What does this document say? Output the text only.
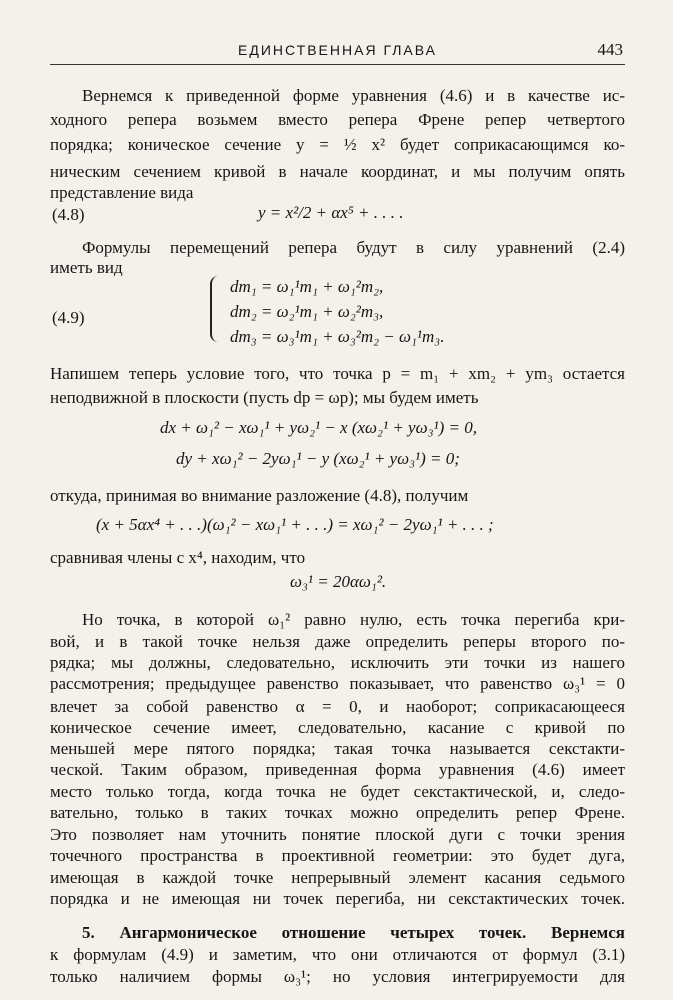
ЕДИНСТВЕННАЯ ГЛАВА	443
Вернемся к приведенной форме уравнения (4.6) и в качестве ис-
ходного репера возьмем вместо репера Френе репер четвертого
порядка; коническое сечение y = ½ x² будет соприкасающимся ко-
ническим сечением кривой в начале координат, и мы получим опять
представление вида
(4.8)	y = x²/2 + αx⁵ + . . . .
Формулы перемещений репера будут в силу уравнений (2.4)
иметь вид
(4.9)
dm₁ = ω₁¹m₁ + ω₁²m₂,
dm₂ = ω₂¹m₁ + ω₂²m₃,
dm₃ = ω₃¹m₁ + ω₃²m₂ − ω₁¹m₃.
Напишем теперь условие того, что точка p = m₁ + xm₂ + ym₃ остается
неподвижной в плоскости (пусть dp = ωp); мы будем иметь
dx + ω₁² − xω₁¹ + yω₂¹ − x (xω₂¹ + yω₃¹) = 0,
dy + xω₁² − 2yω₁¹ − y (xω₂¹ + yω₃¹) = 0;
откуда, принимая во внимание разложение (4.8), получим
(x + 5αx⁴ + . . .)(ω₁² − xω₁¹ + . . .) = xω₁² − 2yω₁¹ + . . . ;
сравнивая члены с x⁴, находим, что
ω₃¹ = 20αω₁².
Но точка, в которой ω₁² равно нулю, есть точка перегиба кри-
вой, и в такой точке нельзя даже определить реперы второго по-
рядка; мы должны, следовательно, исключить эти точки из нашего
рассмотрения; предыдущее равенство показывает, что равенство ω₃¹ = 0
влечет за собой равенство α = 0, и наоборот; соприкасающееся
коническое сечение имеет, следовательно, касание с кривой по
меньшей мере пятого порядка; такая точка называется секстакти-
ческой. Таким образом, приведенная форма уравнения (4.6) имеет
место только тогда, когда точка не будет секстактической, и, следо-
вательно, только в таких точках можно определить репер Френе.
Это позволяет нам уточнить понятие плоской дуги с точки зрения
точечного пространства в проективной геометрии: это будет дуга,
имеющая в каждой точке непрерывный элемент касания седьмого
порядка и не имеющая ни точек перегиба, ни секстактических точек.
5. Ангармоническое отношение четырех точек. Вернемся
к формулам (4.9) и заметим, что они отличаются от формул (3.1)
только наличием формы ω₃¹; но условия интегрируемости для
